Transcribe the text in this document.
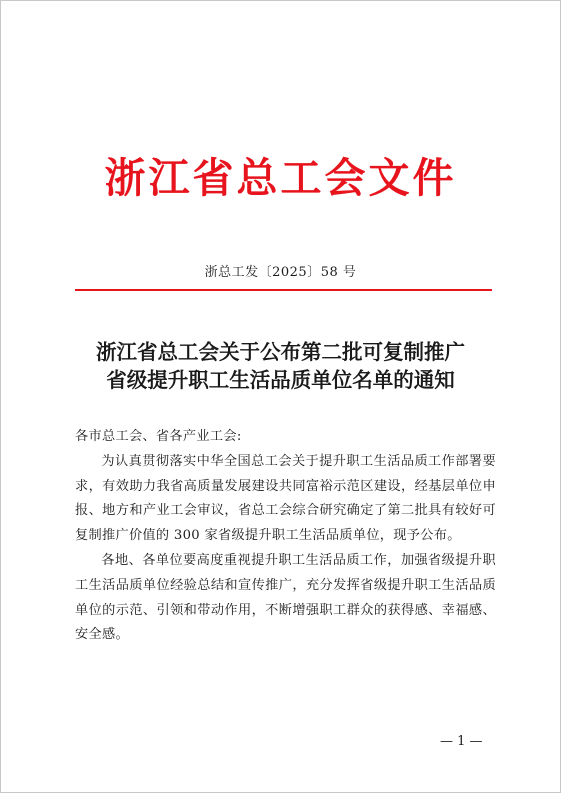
浙江省总工会文件
浙总工发〔2025〕58 号
浙江省总工会关于公布第二批可复制推广
省级提升职工生活品质单位名单的通知

各市总工会、省各产业工会:

为认真贯彻落实中华全国总工会关于提升职工生活品质工作部署要求，有效助力我省高质量发展建设共同富裕示范区建设，经基层单位申报、地方和产业工会审议，省总工会综合研究确定了第二批具有较好可复制推广价值的 300 家省级提升职工生活品质单位，现予公布。

各地、各单位要高度重视提升职工生活品质工作，加强省级提升职工生活品质单位经验总结和宣传推广，充分发挥省级提升职工生活品质单位的示范、引领和带动作用，不断增强职工群众的获得感、幸福感、安全感。

— 1 —
